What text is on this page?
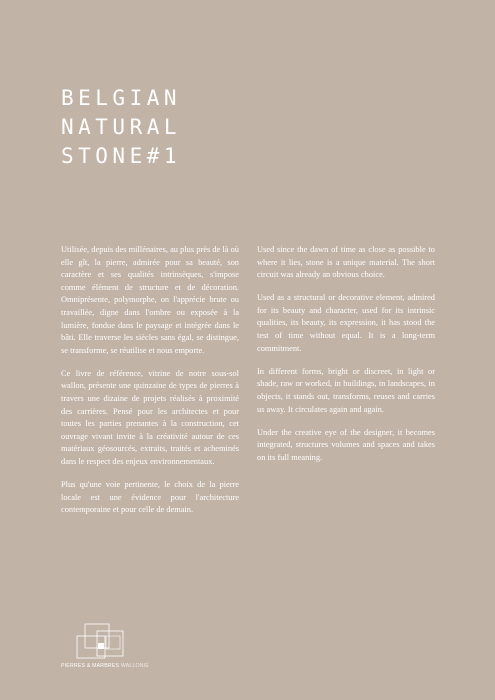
BELGIAN
NATURAL
STONE#1

Utilisée, depuis des millénaires, au plus près de là où elle gît, la pierre, admirée pour sa beauté, son caractère et ses qualités intrinsèques, s'impose comme élément de structure et de décoration. Omniprésente, polymorphe, on l'apprécie brute ou travaillée, digne dans l'ombre ou exposée à la lumière, fondue dans le paysage et intégrée dans le bâti. Elle traverse les siècles sans égal, se distingue, se transforme, se réutilise et nous emporte.

Ce livre de référence, vitrine de notre sous-sol wallon, présente une quinzaine de types de pierres à travers une dizaine de projets réalisés à proximité des carrières. Pensé pour les architectes et pour toutes les parties prenantes à la construction, cet ouvrage vivant invite à la créativité autour de ces matériaux géosourcés, extraits, traités et acheminés dans le respect des enjeux environnementaux.

Plus qu'une voie pertinente, le choix de la pierre locale est une évidence pour l'architecture contemporaine et pour celle de demain.

Used since the dawn of time as close as possible to where it lies, stone is a unique material. The short circuit was already an obvious choice.

Used as a structural or decorative element, admired for its beauty and character, used for its intrinsic qualities, its beauty, its expression, it has stood the test of time without equal. It is a long-term commitment.

In different forms, bright or discreet, in light or shade, raw or worked, in buildings, in landscapes, in objects, it stands out, transforms, reuses and carries us away. It circulates again and again.

Under the creative eye of the designer, it becomes integrated, structures volumes and spaces and takes on its full meaning.

PIERRES & MARBRES WALLONIE
